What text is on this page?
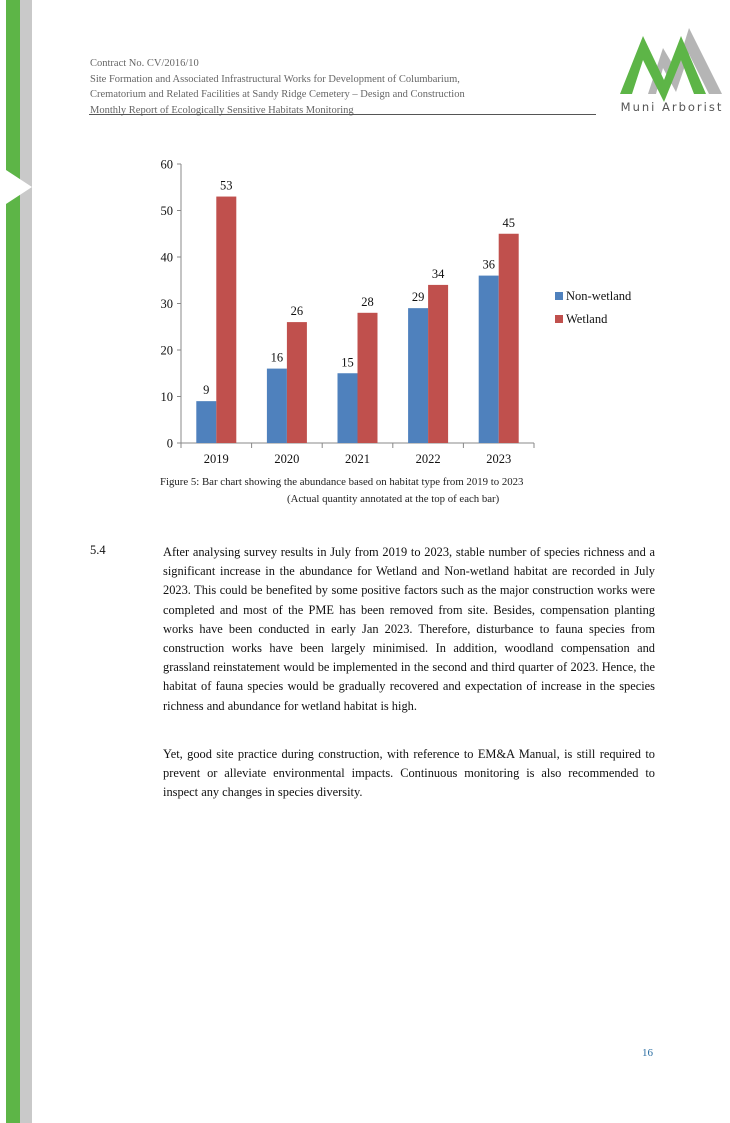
Contract No. CV/2016/10
Site Formation and Associated Infrastructural Works for Development of Columbarium,
Crematorium and Related Facilities at Sandy Ridge Cemetery – Design and Construction
Monthly Report of Ecologically Sensitive Habitats Monitoring	Muni Arborist
0
10
20
30
40
50
60
2019
9
53
2020
16
26
2021
15
28
2022
29
34
2023
36
45
Non-wetland
Wetland
Figure 5: Bar chart showing the abundance based on habitat type from 2019 to 2023
(Actual quantity annotated at the top of each bar)
5.4	After analysing survey results in July from 2019 to 2023, stable number of species richness and a significant increase in the abundance for Wetland and Non-wetland habitat are recorded in July 2023. This could be benefited by some positive factors such as the major construction works were completed and most of the PME has been removed from site. Besides, compensation planting works have been conducted in early Jan 2023. Therefore, disturbance to fauna species from construction works have been largely minimised. In addition, woodland compensation and grassland reinstatement would be implemented in the second and third quarter of 2023. Hence, the habitat of fauna species would be gradually recovered and expectation of increase in the species richness and abundance for wetland habitat is high.
Yet, good site practice during construction, with reference to EM&A Manual, is still required to prevent or alleviate environmental impacts. Continuous monitoring is also recommended to inspect any changes in species diversity.
16
